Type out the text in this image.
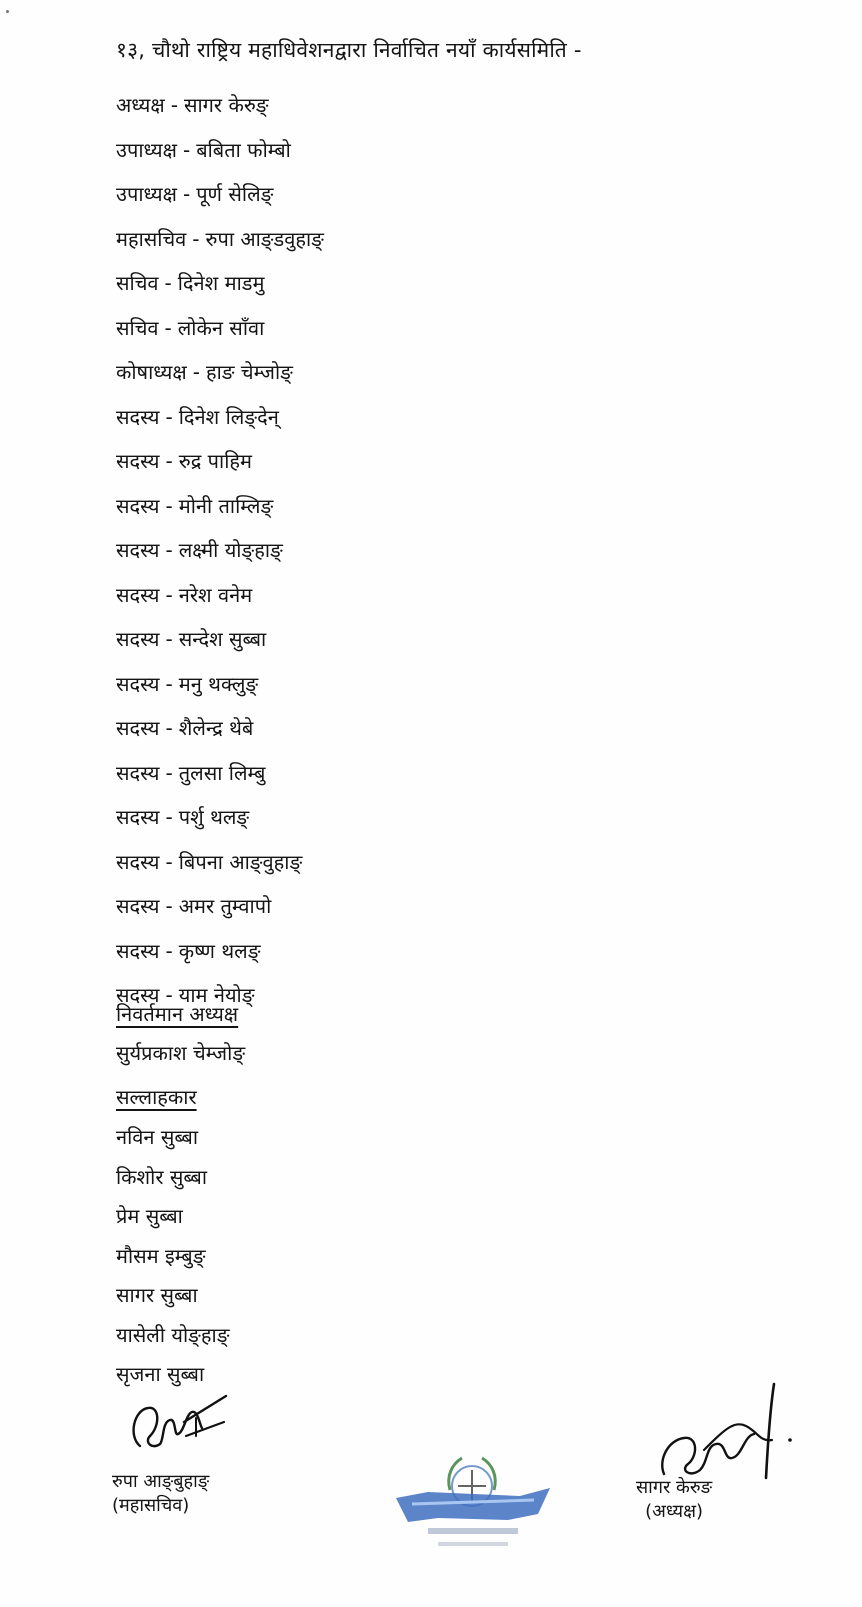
१३, चौथो राष्ट्रिय महाधिवेशनद्वारा निर्वाचित नयाँ कार्यसमिति -
अध्यक्ष - सागर केरुङ्
उपाध्यक्ष - बबिता फोम्बो
उपाध्यक्ष - पूर्ण सेलिङ्
महासचिव - रुपा आङ्डवुहाङ्
सचिव - दिनेश माडमु
सचिव - लोकेन साँवा
कोषाध्यक्ष - हाङ चेम्जोङ्
सदस्य - दिनेश लिङ्देन्
सदस्य - रुद्र पाहिम
सदस्य - मोनी ताम्लिङ्
सदस्य - लक्ष्मी योङ्हाङ्
सदस्य - नरेश वनेम
सदस्य - सन्देश सुब्बा
सदस्य - मनु थक्लुङ्
सदस्य - शैलेन्द्र थेबे
सदस्य - तुलसा लिम्बु
सदस्य - पर्शु थलङ्
सदस्य - बिपना आङ्वुहाङ्
सदस्य - अमर तुम्वापो
सदस्य - कृष्ण थलङ्
सदस्य - याम नेयोङ्
निवर्तमान अध्यक्ष
सुर्यप्रकाश चेम्जोङ्
सल्लाहकार
नविन सुब्बा
किशोर सुब्बा
प्रेम सुब्बा
मौसम इम्बुङ्
सागर सुब्बा
यासेली योङ्हाङ्
सृजना सुब्बा
रुपा आङ्बुहाङ्
(महासचिव)
सागर केरुङ
(अध्यक्ष)
